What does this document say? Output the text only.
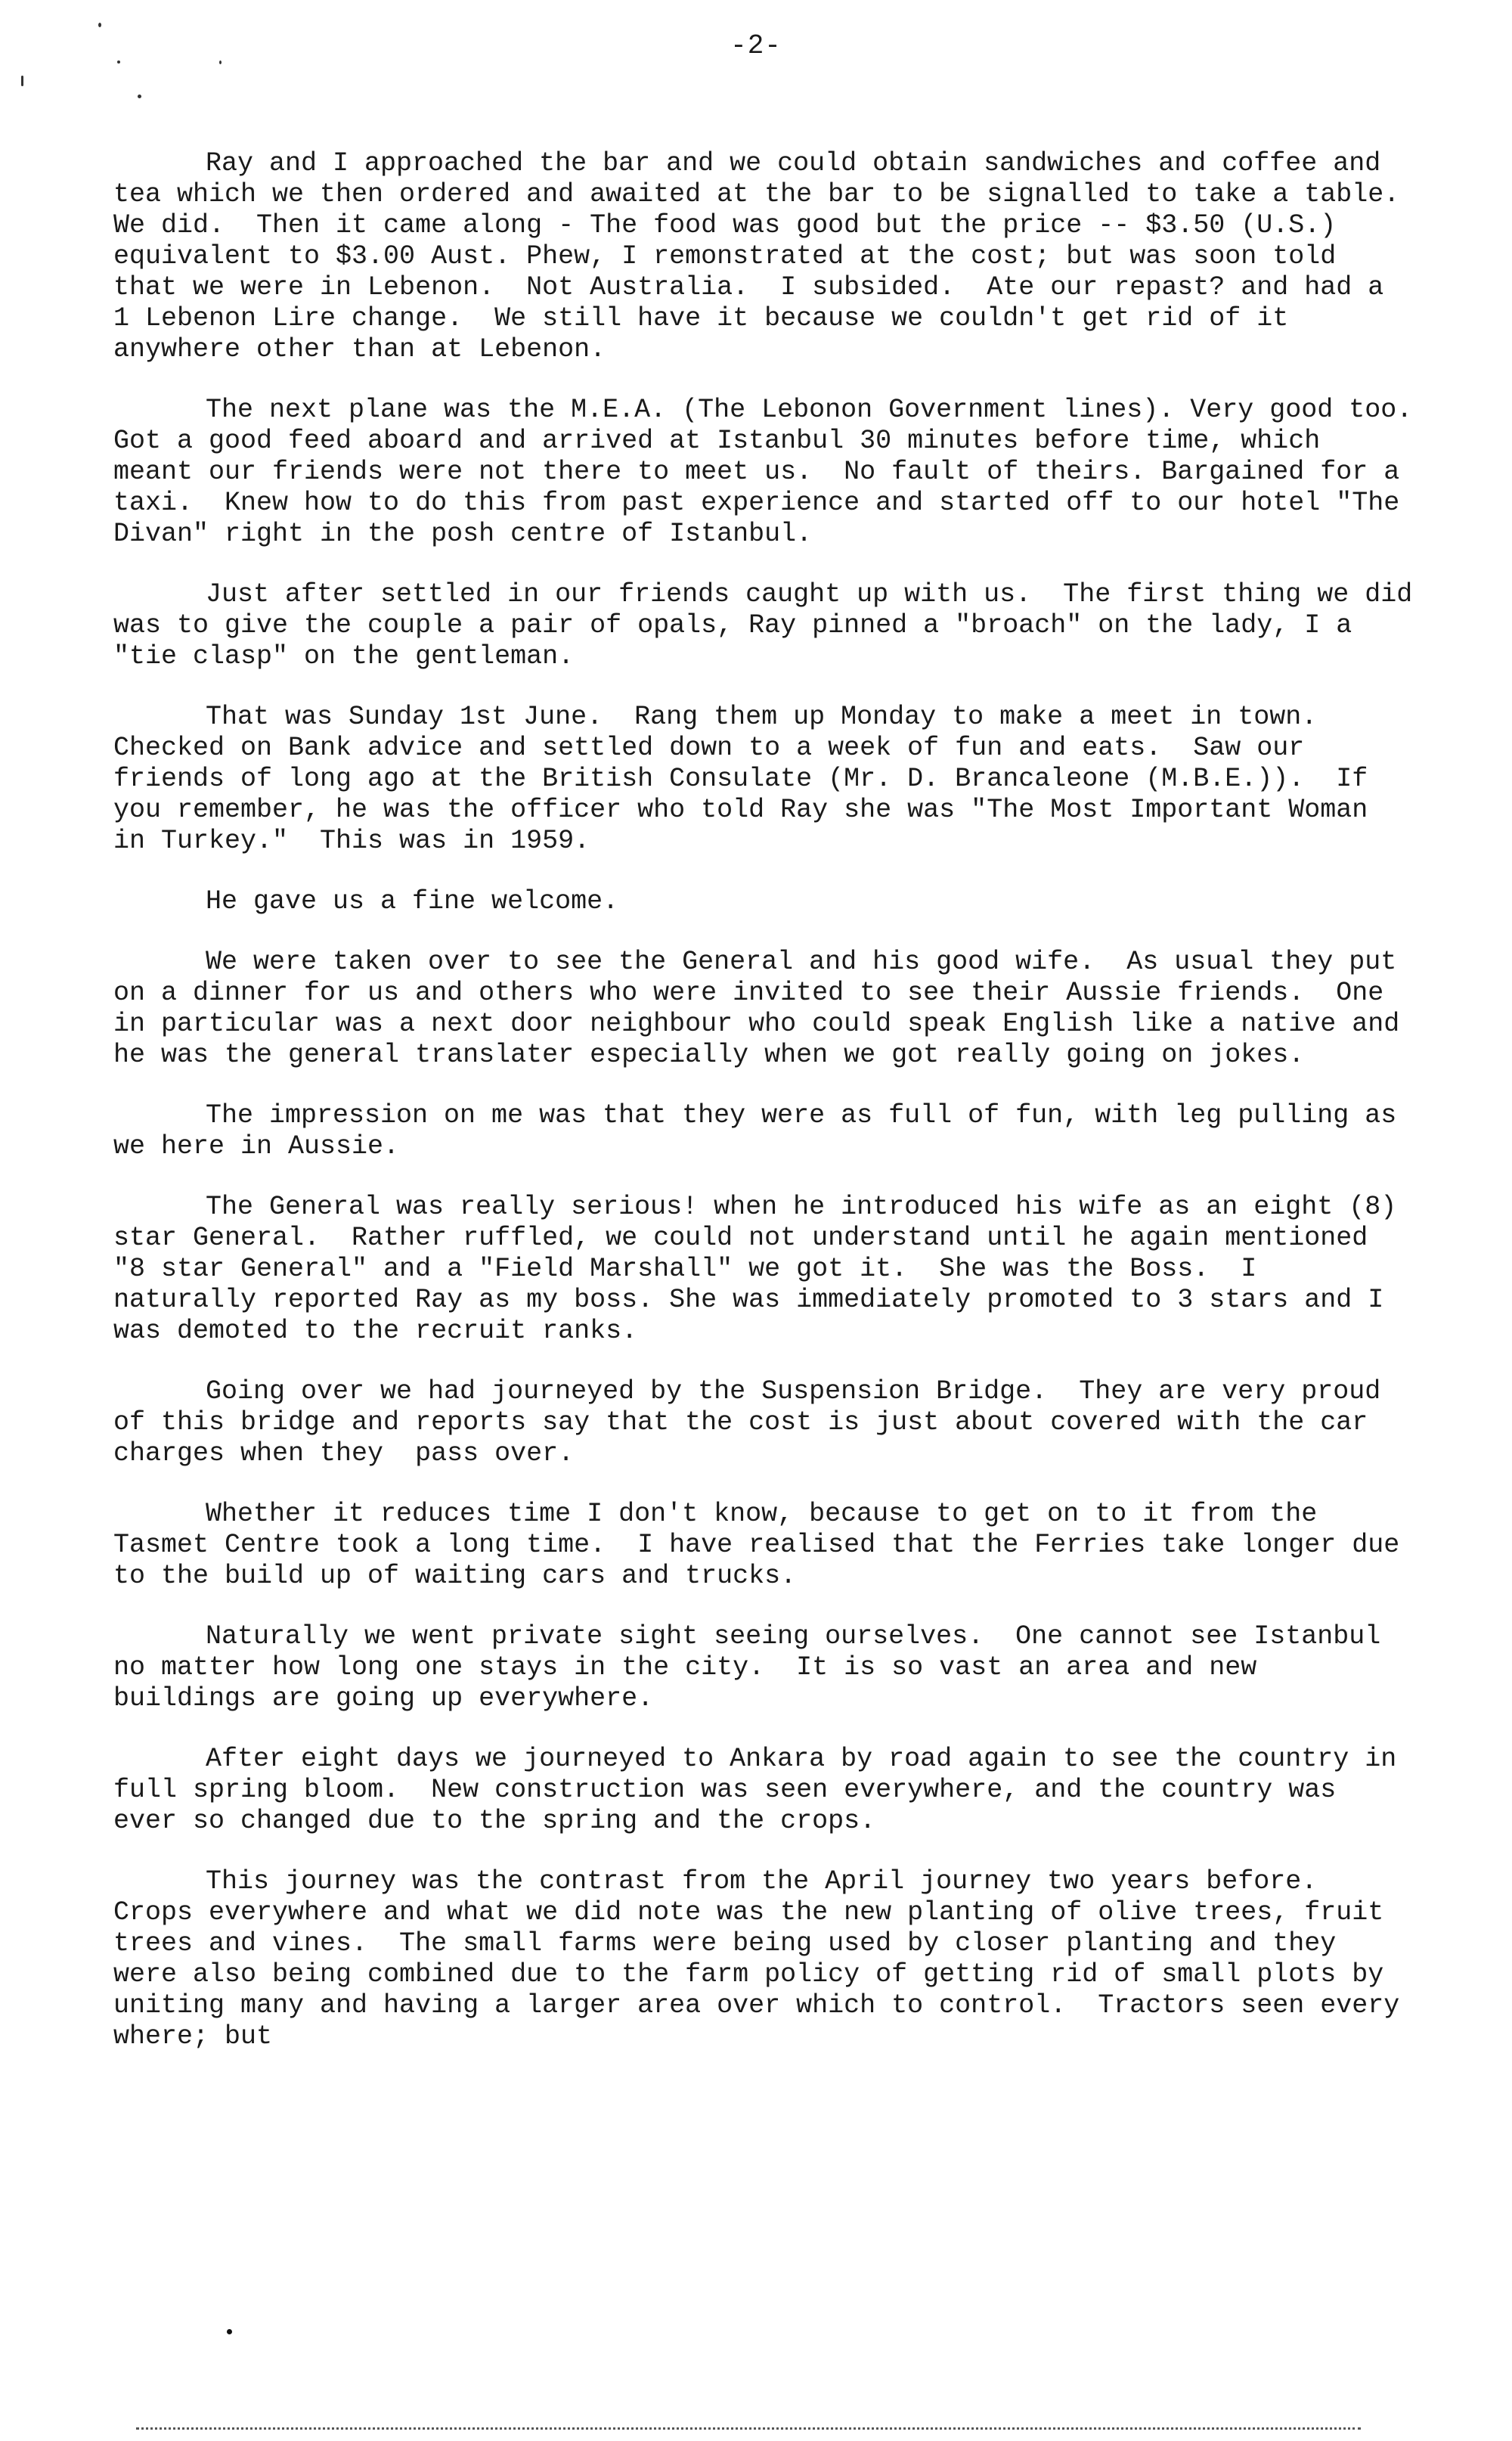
-2-

Ray and I approached the bar and we could obtain sandwiches and coffee and tea which we then ordered and awaited at the bar to be signalled to take a table.  We did.  Then it came along - The food was good but the price -- $3.50 (U.S.) equivalent to $3.00 Aust. Phew, I remonstrated at the cost; but was soon told that we were in Lebenon.  Not Australia.  I subsided.  Ate our repast? and had a 1 Lebenon Lire change.  We still have it because we couldn't get rid of it anywhere other than at Lebenon.

The next plane was the M.E.A. (The Lebonon Government lines). Very good too.  Got a good feed aboard and arrived at Istanbul 30 minutes before time, which meant our friends were not there to meet us.  No fault of theirs. Bargained for a taxi.  Knew how to do this from past experience and started off to our hotel "The Divan" right in the posh centre of Istanbul.

Just after settled in our friends caught up with us.  The first thing we did was to give the couple a pair of opals, Ray pinned a "broach" on the lady, I a "tie clasp" on the gentleman.

That was Sunday 1st June.  Rang them up Monday to make a meet in town.  Checked on Bank advice and settled down to a week of fun and eats.  Saw our friends of long ago at the British Consulate (Mr. D. Brancaleone (M.B.E.)).  If you remember, he was the officer who told Ray she was "The Most Important Woman in Turkey."  This was in 1959.

He gave us a fine welcome.

We were taken over to see the General and his good wife.  As usual they put on a dinner for us and others who were invited to see their Aussie friends.  One in particular was a next door neighbour who could speak English like a native and he was the general translater especially when we got really going on jokes.

The impression on me was that they were as full of fun, with leg pulling as we here in Aussie.

The General was really serious! when he introduced his wife as an eight (8) star General.  Rather ruffled, we could not understand until he again mentioned "8 star General" and a "Field Marshall" we got it.  She was the Boss.  I naturally reported Ray as my boss. She was immediately promoted to 3 stars and I was demoted to the recruit ranks.

Going over we had journeyed by the Suspension Bridge.  They are very proud of this bridge and reports say that the cost is just about covered with the car charges when they  pass over.

Whether it reduces time I don't know, because to get on to it from the Tasmet Centre took a long time.  I have realised that the Ferries take longer due to the build up of waiting cars and trucks.

Naturally we went private sight seeing ourselves.  One cannot see Istanbul no matter how long one stays in the city.  It is so vast an area and new buildings are going up everywhere.

After eight days we journeyed to Ankara by road again to see the country in full spring bloom.  New construction was seen everywhere, and the country was ever so changed due to the spring and the crops.

This journey was the contrast from the April journey two years before.  Crops everywhere and what we did note was the new planting of olive trees, fruit trees and vines.  The small farms were being used by closer planting and they were also being combined due to the farm policy of getting rid of small plots by uniting many and having a larger area over which to control.  Tractors seen every where; but
